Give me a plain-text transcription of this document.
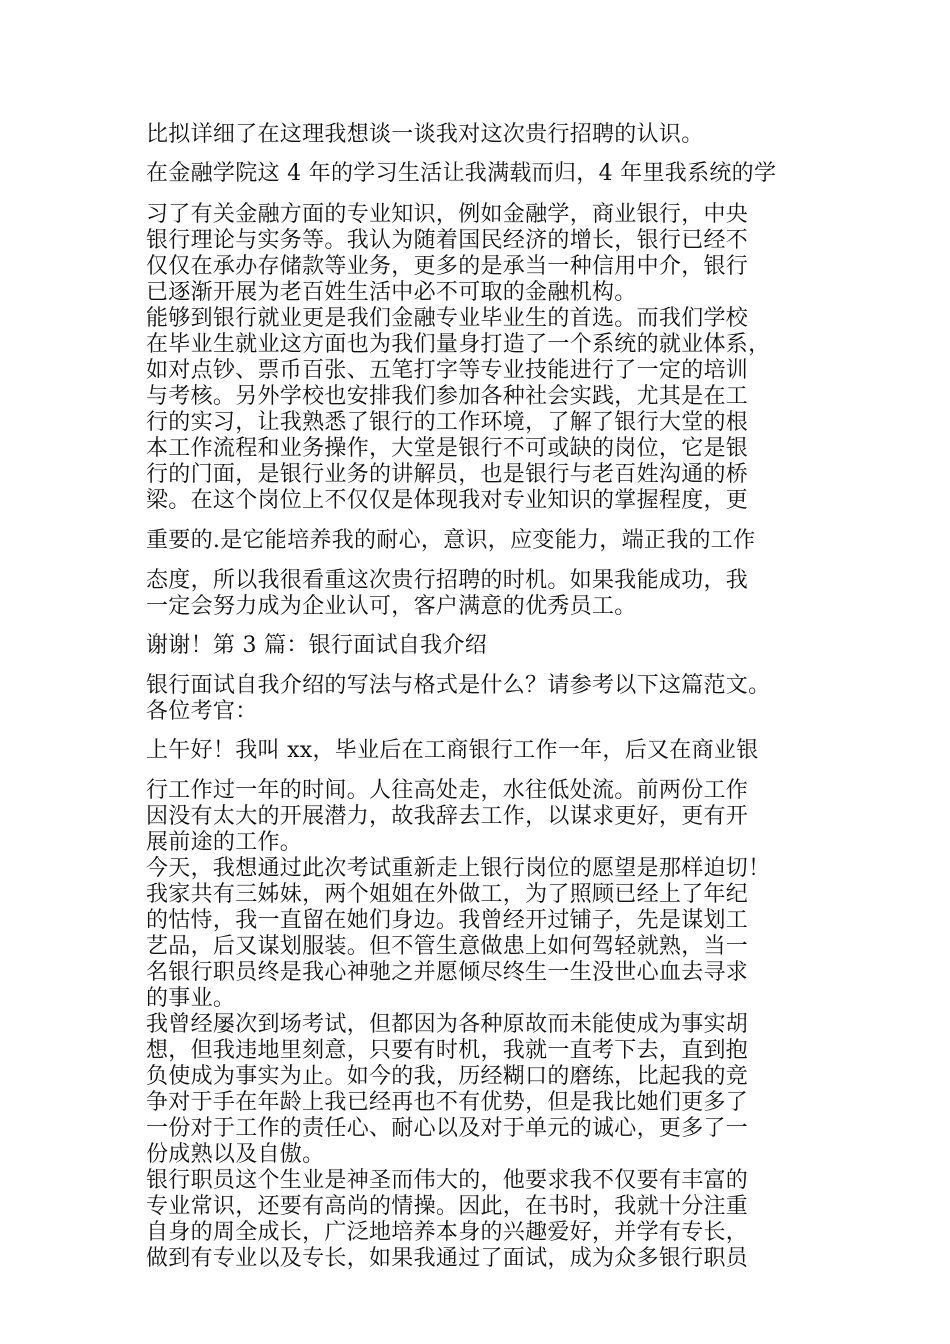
比拟详细了在这理我想谈一谈我对这次贵行招聘的认识。
在金融学院这 4 年的学习生活让我满载而归，4 年里我系统的学
习了有关金融方面的专业知识，例如金融学，商业银行，中央
银行理论与实务等。我认为随着国民经济的增长，银行已经不
仅仅在承办存储款等业务，更多的是承当一种信用中介，银行
已逐渐开展为老百姓生活中必不可取的金融机构。
能够到银行就业更是我们金融专业毕业生的首选。而我们学校
在毕业生就业这方面也为我们量身打造了一个系统的就业体系，
如对点钞、票币百张、五笔打字等专业技能进行了一定的培训
与考核。另外学校也安排我们参加各种社会实践，尤其是在工
行的实习，让我熟悉了银行的工作环境，了解了银行大堂的根
本工作流程和业务操作，大堂是银行不可或缺的岗位，它是银
行的门面，是银行业务的讲解员，也是银行与老百姓沟通的桥
梁。在这个岗位上不仅仅是体现我对专业知识的掌握程度，更
重要的.是它能培养我的耐心，意识，应变能力，端正我的工作
态度，所以我很看重这次贵行招聘的时机。如果我能成功，我
一定会努力成为企业认可，客户满意的优秀员工。
谢谢！第 3 篇：银行面试自我介绍
银行面试自我介绍的写法与格式是什么？请参考以下这篇范文。
各位考官：
上午好！我叫 xx，毕业后在工商银行工作一年，后又在商业银
行工作过一年的时间。人往高处走，水往低处流。前两份工作
因没有太大的开展潜力，故我辞去工作，以谋求更好，更有开
展前途的工作。
今天，我想通过此次考试重新走上银行岗位的愿望是那样迫切！
我家共有三姊妹，两个姐姐在外做工，为了照顾已经上了年纪
的怙恃，我一直留在她们身边。我曾经开过铺子，先是谋划工
艺品，后又谋划服装。但不管生意做患上如何驾轻就熟，当一
名银行职员终是我心神驰之并愿倾尽终生一生没世心血去寻求
的事业。
我曾经屡次到场考试，但都因为各种原故而未能使成为事实胡
想，但我违地里刻意，只要有时机，我就一直考下去，直到抱
负使成为事实为止。如今的我，历经糊口的磨练，比起我的竞
争对于手在年龄上我已经再也不有优势，但是我比她们更多了
一份对于工作的责任心、耐心以及对于单元的诚心，更多了一
份成熟以及自傲。
银行职员这个生业是神圣而伟大的，他要求我不仅要有丰富的
专业常识，还要有高尚的情操。因此，在书时，我就十分注重
自身的周全成长，广泛地培养本身的兴趣爱好，并学有专长，
做到有专业以及专长，如果我通过了面试，成为众多银行职员
